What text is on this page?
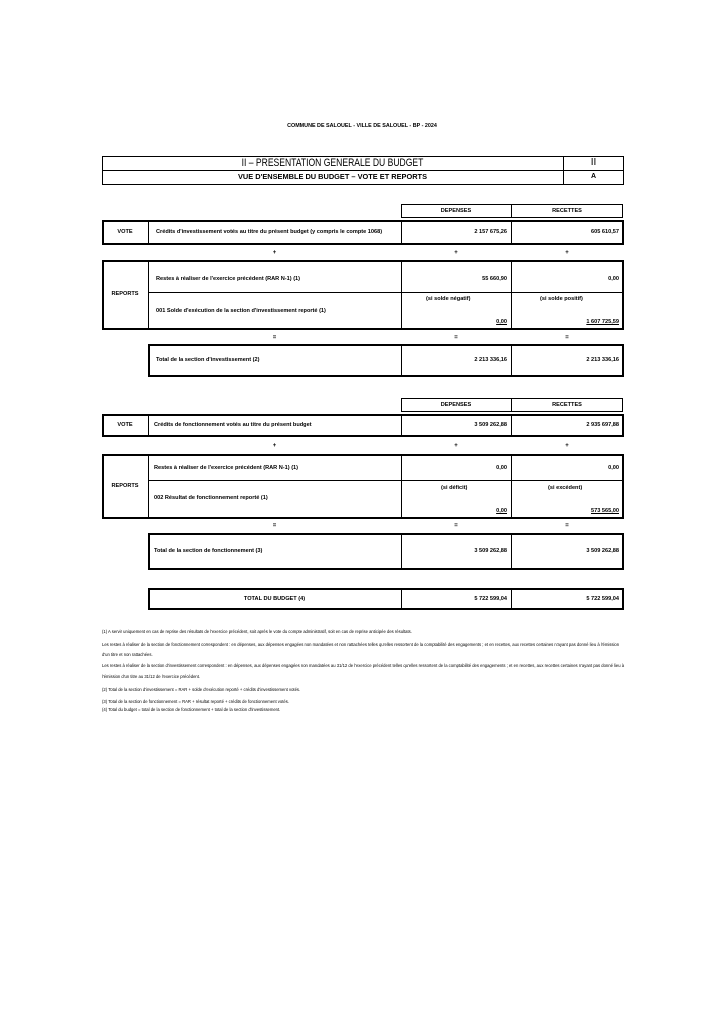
COMMUNE DE SALOUEL - VILLE DE SALOUEL - BP - 2024
II – PRESENTATION GENERALE DU BUDGET
VUE D'ENSEMBLE DU BUDGET – VOTE ET REPORTS
II
A
DEPENSES	RECETTES
VOTE	Crédits d'investissement votés au titre du présent budget (y compris le compte 1068)	2 157 675,26	605 610,57
+	+	+
REPORTS
Restes à réaliser de l'exercice précédent (RAR N-1) (1)	55 660,90	0,00
001 Solde d'exécution de la section d'investissement reporté (1)
(si solde négatif)	(si solde positif)
0,00	1 607 725,59
=	=	=
Total de la section d'investissement (2)	2 213 336,16	2 213 336,16
DEPENSES	RECETTES
VOTE	Crédits de fonctionnement votés au titre du présent budget	3 509 262,88	2 935 697,88
+	+	+
REPORTS
Restes à réaliser de l'exercice précédent (RAR N-1) (1)	0,00	0,00
002 Résultat de fonctionnement reporté (1)
(si déficit)	(si excédent)
0,00	573 565,00
=	=	=
Total de la section de fonctionnement (3)	3 509 262,88	3 509 262,88
TOTAL DU BUDGET (4)	5 722 599,04	5 722 599,04
(1) A servir uniquement en cas de reprise des résultats de l'exercice précédent, soit après le vote du compte administratif, soit en cas de reprise anticipée des résultats.
Les restes à réaliser de la section de fonctionnement correspondent : en dépenses, aux dépenses engagées non mandatées et non rattachées telles qu'elles ressortent de la comptabilité des engagements ; et en recettes, aux recettes certaines n'ayant pas donné lieu à l'émission
d'un titre et non rattachées.
Les restes à réaliser de la section d'investissement correspondent : en dépenses, aux dépenses engagées non mandatées au 31/12 de l'exercice précédent telles qu'elles ressortent de la comptabilité des engagements ; et en recettes, aux recettes certaines n'ayant pas donné lieu à
l'émission d'un titre au 31/12 de l'exercice précédent.
(2) Total de la section d'investissement = RAR + solde d'exécution reporté + crédits d'investissement votés.
(3) Total de la section de fonctionnement = RAR + résultat reporté + crédits de fonctionnement votés.
(4) Total du budget = total de la section de fonctionnement + total de la section d'investissement.
